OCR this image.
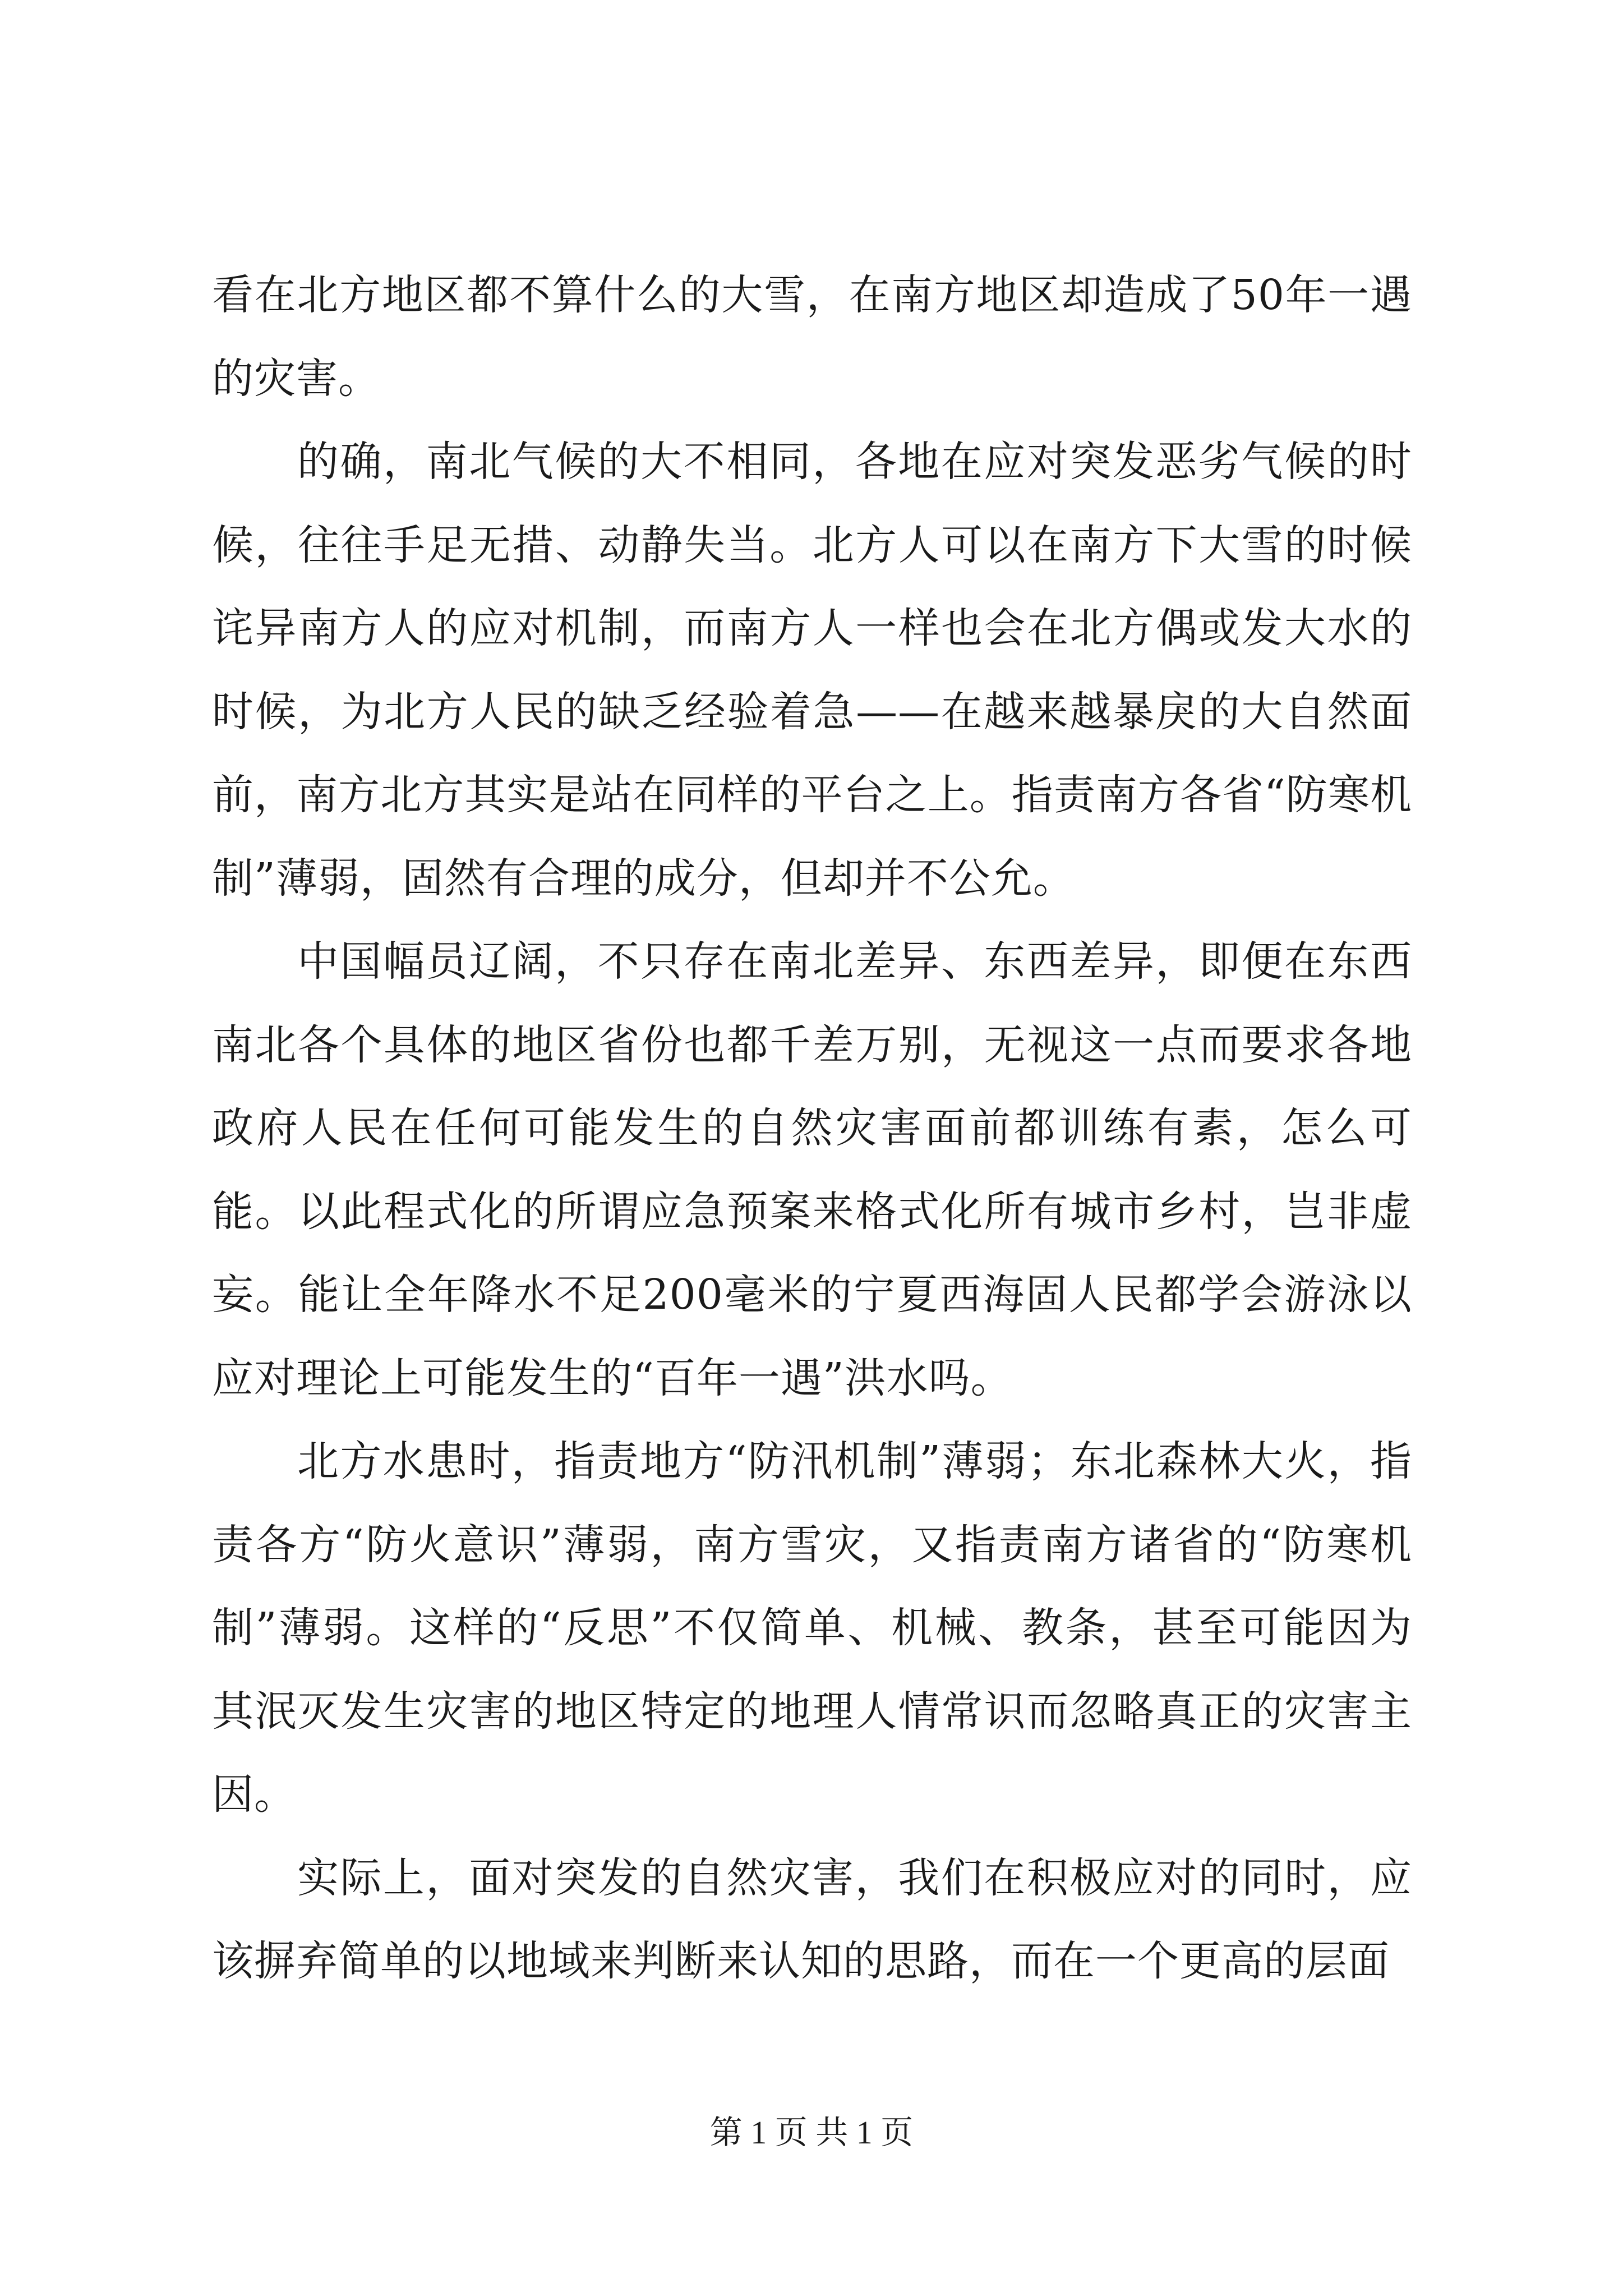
看在北方地区都不算什么的大雪，在南方地区却造成了50年一遇的灾害。

的确，南北气候的大不相同，各地在应对突发恶劣气候的时候，往往手足无措、动静失当。北方人可以在南方下大雪的时候诧异南方人的应对机制，而南方人一样也会在北方偶或发大水的时候，为北方人民的缺乏经验着急——在越来越暴戾的大自然面前，南方北方其实是站在同样的平台之上。指责南方各省“防寒机制”薄弱，固然有合理的成分，但却并不公允。

中国幅员辽阔，不只存在南北差异、东西差异，即便在东西南北各个具体的地区省份也都千差万别，无视这一点而要求各地政府人民在任何可能发生的自然灾害面前都训练有素，怎么可能。以此程式化的所谓应急预案来格式化所有城市乡村，岂非虚妄。能让全年降水不足200毫米的宁夏西海固人民都学会游泳以应对理论上可能发生的“百年一遇”洪水吗。

北方水患时，指责地方“防汛机制”薄弱；东北森林大火，指责各方“防火意识”薄弱，南方雪灾，又指责南方诸省的“防寒机制”薄弱。这样的“反思”不仅简单、机械、教条，甚至可能因为其泯灭发生灾害的地区特定的地理人情常识而忽略真正的灾害主因。

实际上，面对突发的自然灾害，我们在积极应对的同时，应该摒弃简单的以地域来判断来认知的思路，而在一个更高的层面

第 1 页 共 1 页
